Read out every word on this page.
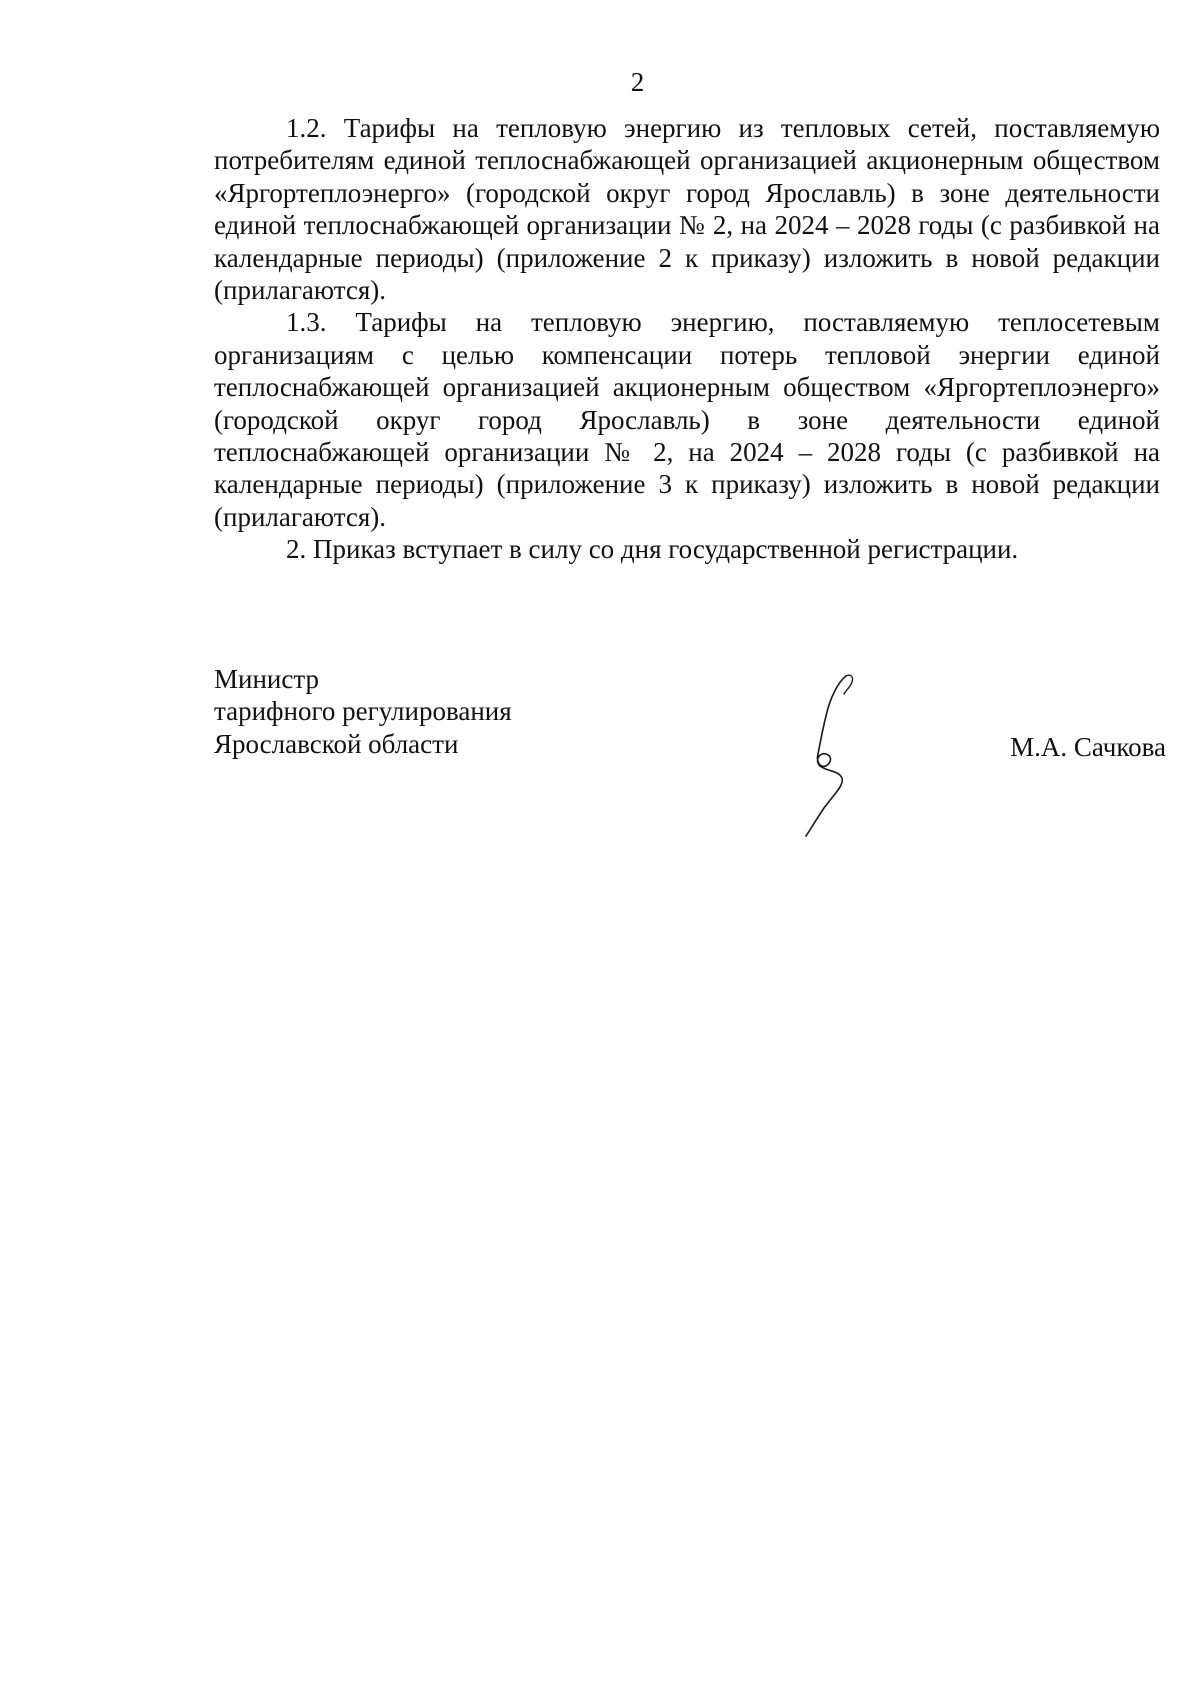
2

1.2. Тарифы на тепловую энергию из тепловых сетей, поставляемую потребителям единой теплоснабжающей организацией акционерным обществом «Яргортеплоэнерго» (городской округ город Ярославль) в зоне деятельности единой теплоснабжающей организации № 2, на 2024 – 2028 годы (с разбивкой на календарные периоды) (приложение 2 к приказу) изложить в новой редакции (прилагаются).

1.3. Тарифы на тепловую энергию, поставляемую теплосетевым организациям с целью компенсации потерь тепловой энергии единой теплоснабжающей организацией акционерным обществом «Яргортеплоэнерго» (городской округ город Ярославль) в зоне деятельности единой теплоснабжающей организации № 2, на 2024 – 2028 годы (с разбивкой на календарные периоды) (приложение 3 к приказу) изложить в новой редакции (прилагаются).

2. Приказ вступает в силу со дня государственной регистрации.

Министр
тарифного регулирования
Ярославской области	М.А. Сачкова
